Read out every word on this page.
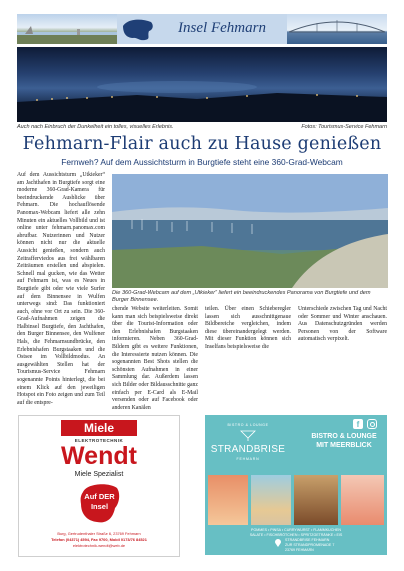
Insel Fehmarn
Auch nach Einbruch der Dunkelheit ein tolles, visuelles Erlebnis.	Fotos: Tourismus-Service Fehmarn
Fehmarn-Flair auch zu Hause genießen
Fernweh? Auf dem Aussichtsturm in Burgtiefe steht eine 360-Grad-Webcam

Auf dem Aussichtsturm „Utkieker“ am Jachthafen in Burgtiefe sorgt eine moderne 360-Grad-Kamera für beeindruckende Ausblicke über Fehmarn. Die hochauflösende Panomax-Webcam liefert alle zehn Minuten ein aktuelles Vollbild und ist online unter fehmarn.panomax.com abrufbar. Nutzerinnen und Nutzer können nicht nur die aktuelle Aussicht genießen, sondern auch Zeitrafferviedos aus frei wählbaren Zeiträumen erstellen und abspielen. Schnell mal gucken, wie das Wetter auf Fehmarn ist, was es Neues in Burgtiefe gibt oder wie viele Surfer auf dem Binnensee in Wulfen unterwegs sind: Das funktioniert auch, ohne vor Ort zu sein. Die 360-Grad-Aufnahmen zeigen die Halbinsel Burgtiefe, den Jachthafen, den Burger Binnensee, den Wulfener Hals, die Fehmarnsundbrücke, den Erlebnishafen Burgstaaken und die Ostsee im Vollbildmodus. An ausgewählten Stellen hat der Tourismus-Service Fehmarn sogenannte Points hinterlegt, die bei einem Klick auf den jeweiligen Hotspot ein Foto zeigen und zum Teil auf die entspre-

Die 360-Grad-Webcam auf dem „Utkieker“ liefert ein beeindruckendes Panorama von Burgtiefe und dem Burger Binnensee.

chende Website weiterleiten. Somit kann man sich beispielsweise direkt über die Tourist-Information oder den Erlebnishafen Burgstaaken informieren. Neben 360-Grad-Bildern gibt es weitere Funktionen, die Interessierte nutzen können. Die sogenannten Best Shots stellen die schönsten Aufnahmen in einer Sammlung dar. Außerdem lassen sich Bilder oder Bildausschnitte ganz einfach per E-Card als E-Mail versenden oder auf Facebook oder anderen Kanälen

teilen. Über einen Schieberegler lassen sich ausschnittgenaue Bildbereiche vergleichen, indem diese übereinandergelegt werden. Mit dieser Funktion können sich Inselfans beispielsweise die

Unterschiede zwischen Tag und Nacht oder Sommer und Winter anschauen. Aus Datenschutzgründen werden Personen von der Software automatisch verpixelt.

Miele
ELEKTROTECHNIK
Wendt
Miele Spezialist
Auf DER
Insel
Burg, Gertrudenthaler Straße 6, 23769 Fehmarn
Telefon (04371) 4594, Fax 9700, Mobil 0173/76 84521
elektrotechnik-wendt@web.de
BISTRO & LOUNGE
STRANDBRISE
FEHMARN
f
BISTRO & LOUNGE
MIT MEERBLICK
POMMES • PINSA • CURRYWURST • FLAMMKUCHEN
SALATE • FISCHBRÖTCHEN • SPRITZGETRÄNKE • EIS
STRANDBRISE FEHMARN
ZUR STRANDPROMENADE 7
23769 FEHMARN
